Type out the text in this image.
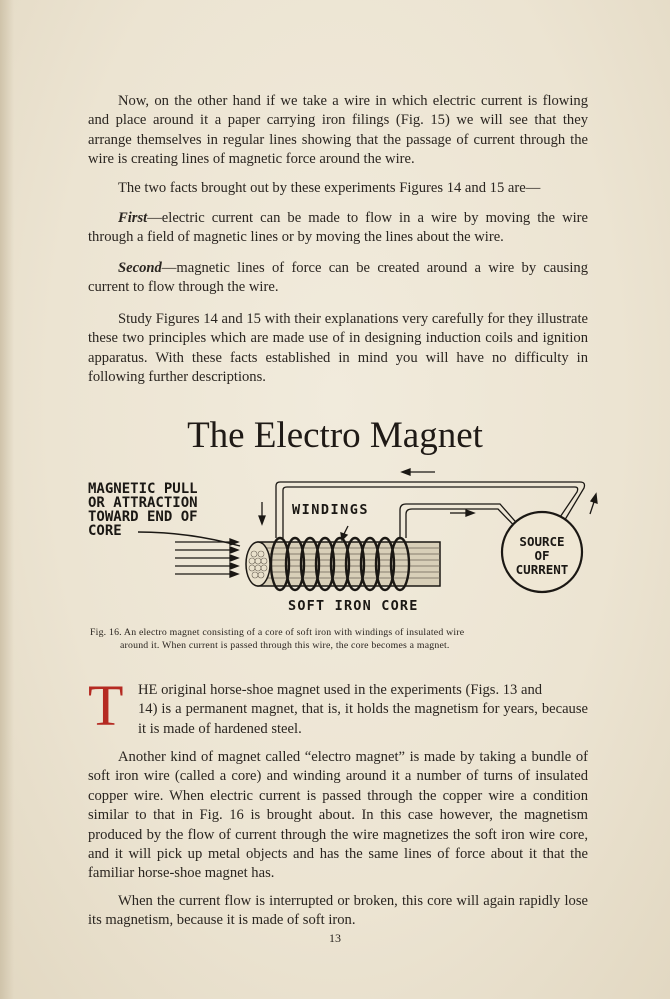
Now, on the other hand if we take a wire in which electric current is flowing and place around it a paper carrying iron filings (Fig. 15) we will see that they arrange themselves in regular lines showing that the passage of current through the wire is creating lines of magnetic force around the wire.

The two facts brought out by these experiments Figures 14 and 15 are—

First—electric current can be made to flow in a wire by moving the wire through a field of magnetic lines or by moving the lines about the wire.

Second—magnetic lines of force can be created around a wire by causing current to flow through the wire.

Study Figures 14 and 15 with their explanations very carefully for they illustrate these two principles which are made use of in designing induction coils and ignition apparatus. With these facts established in mind you will have no difficulty in following further descriptions.

The Electro Magnet
MAGNETIC PULL
OR ATTRACTION
TOWARD END OF
CORE
WINDINGS
SOFT IRON CORE
SOURCE
OF
CURRENT
Fig. 16. An electro magnet consisting of a core of soft iron with windings of insulated wire
around it. When current is passed through this wire, the core becomes a magnet.
T HE original horse-shoe magnet used in the experiments (Figs. 13 and
14) is a permanent magnet, that is, it holds the magnetism for years, because it is made of hardened steel.

Another kind of magnet called “electro magnet” is made by taking a bundle of soft iron wire (called a core) and winding around it a number of turns of insulated copper wire. When electric current is passed through the copper wire a condition similar to that in Fig. 16 is brought about. In this case however, the magnetism produced by the flow of current through the wire magnetizes the soft iron wire core, and it will pick up metal objects and has the same lines of force about it that the familiar horse-shoe magnet has.

When the current flow is interrupted or broken, this core will again rapidly lose its magnetism, because it is made of soft iron.

13
